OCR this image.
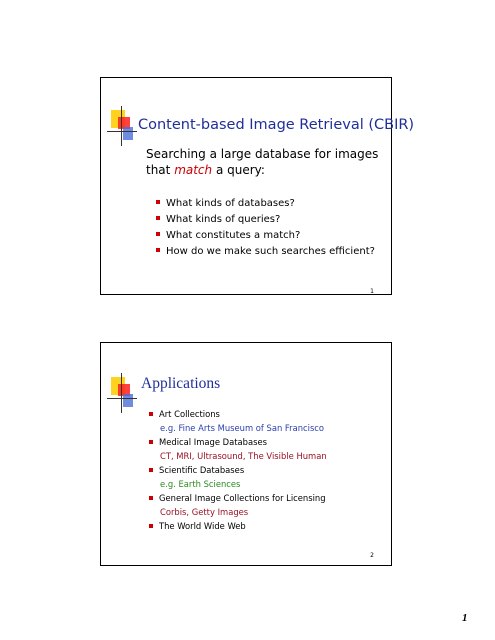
Content-based Image Retrieval (CBIR)
Searching a large database for images
that match a query:
What kinds of databases?
What kinds of queries?
What constitutes a match?
How do we make such searches efficient?
1
Applications
Art Collections
e.g. Fine Arts Museum of San Francisco
Medical Image Databases
CT, MRI, Ultrasound, The Visible Human
Scientific Databases
e.g. Earth Sciences
General Image Collections for Licensing
Corbis, Getty Images
The World Wide Web
2
1
